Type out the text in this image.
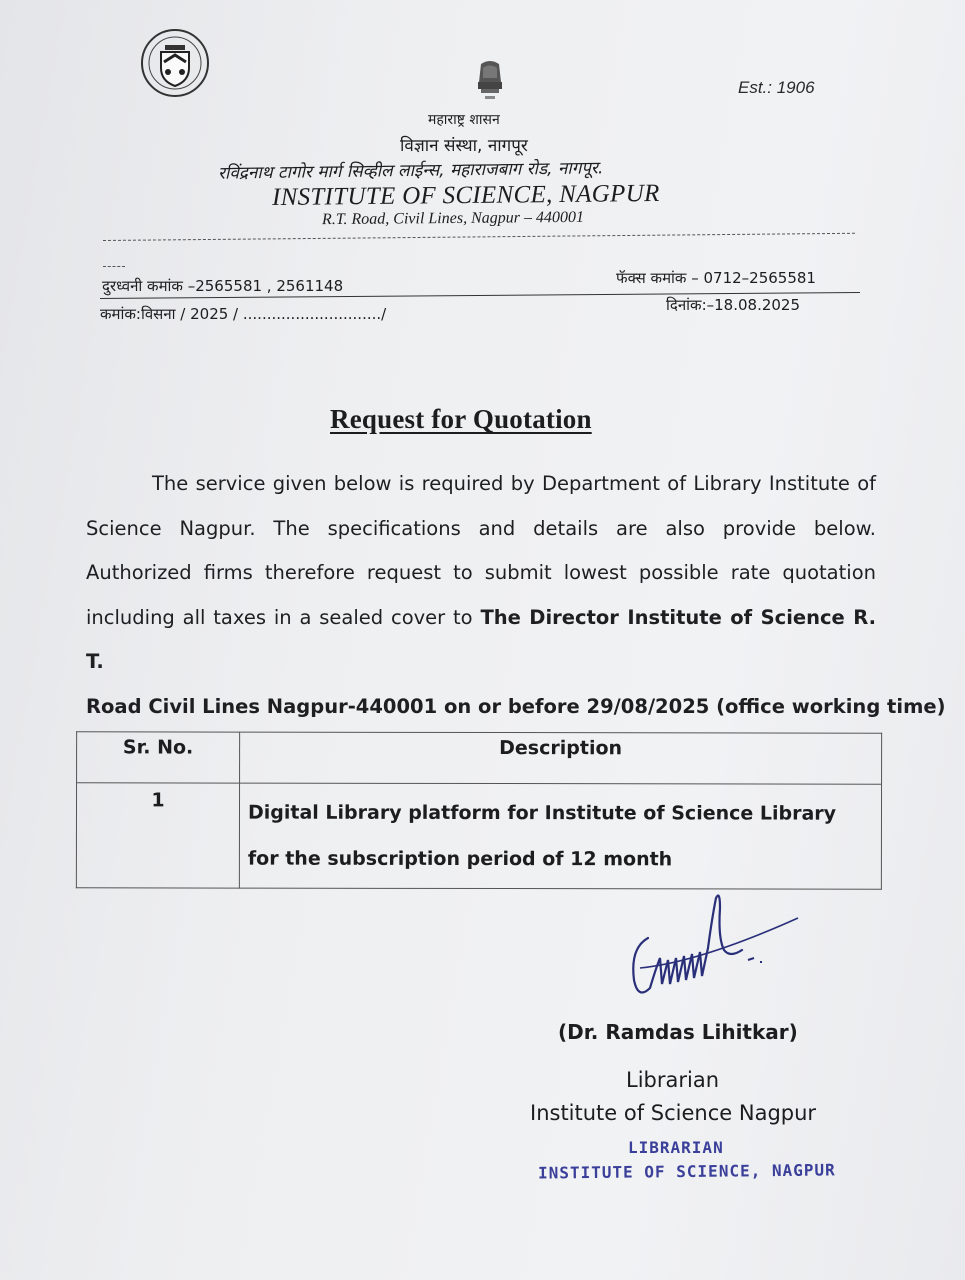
Est.: 1906
महाराष्ट्र शासन
विज्ञान संस्था, नागपूर
रविंद्रनाथ टागोर मार्ग सिव्हील लाईन्स, महाराजबाग रोड, नागपूर.
INSTITUTE OF SCIENCE, NAGPUR
R.T. Road, Civil Lines, Nagpur – 440001
दुरध्वनी कमांक –2565581 , 2561148	फॅक्स कमांक – 0712–2565581
कमांक:विसना / 2025 / ............................./	दिनांक:–18.08.2025
Request for Quotation

The service given below is required by Department of Library Institute of

Science Nagpur. The specifications and details are also provide below.

Authorized firms therefore request to submit lowest possible rate quotation

including all taxes in a sealed cover to The Director Institute of Science R. T.

Road Civil Lines Nagpur-440001 on or before 29/08/2025 (office working time)

Sr. No.	Description
1	Digital Library platform for Institute of Science Library for the subscription period of 12 month
(Dr. Ramdas Lihitkar)
Librarian
Institute of Science Nagpur
LIBRARIAN
INSTITUTE OF SCIENCE, NAGPUR
